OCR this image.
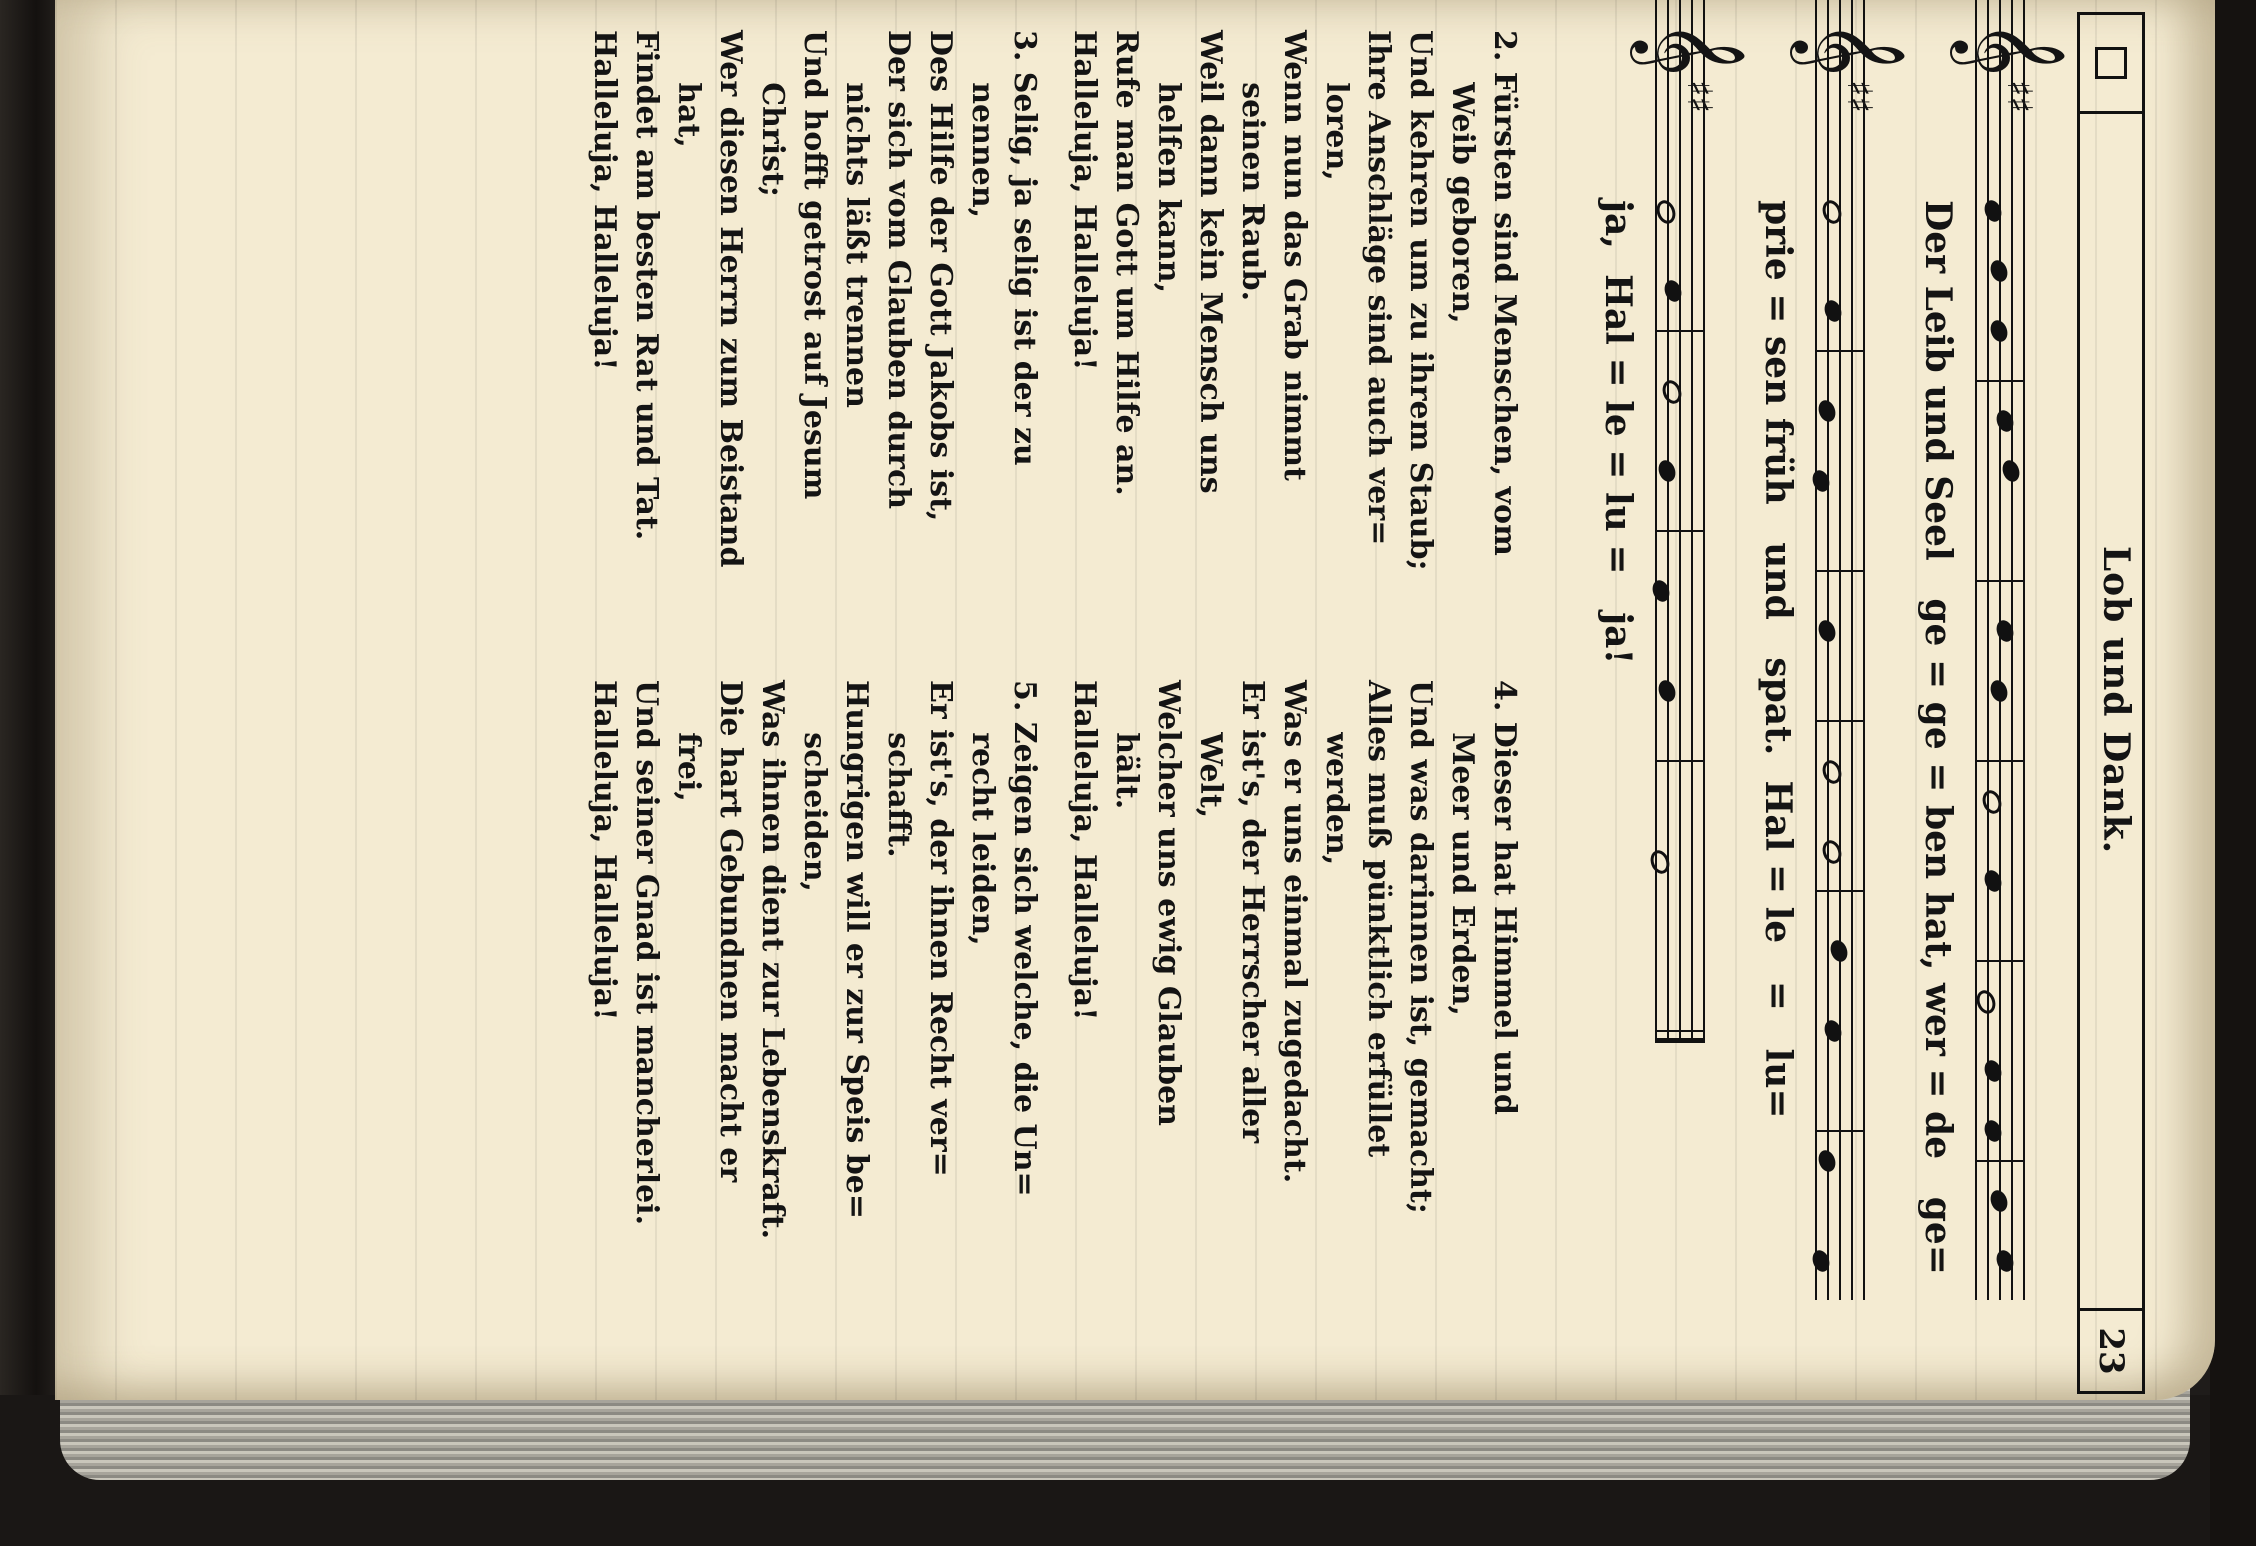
Lob und Dank.
23
𝄞
♯♯
Der Leib und Seel   ge = ge = ben hat, wer = de   ge=
𝄞
♯♯
prie = sen früh   und   spat.  Hal = le   =   lu=
𝄞
♯♯
ja,  Hal = le = lu =   ja!
2. Fürsten sind Menschen, vom
Weib geboren,
Und kehren um zu ihrem Staub;
Ihre Anschläge sind auch ver=
loren,
Wenn nun das Grab nimmt
seinen Raub.
Weil dann kein Mensch uns
helfen kann,
Rufe man Gott um Hilfe an.
Halleluja, Halleluja!
3. Selig, ja selig ist der zu
nennen,
Des Hilfe der Gott Jakobs ist,
Der sich vom Glauben durch
nichts läßt trennen
Und hofft getrost auf Jesum
Christ;
Wer diesen Herrn zum Beistand
hat,
Findet am besten Rat und Tat.
Halleluja, Halleluja!
4. Dieser hat Himmel und
Meer und Erden,
Und was darinnen ist, gemacht;
Alles muß pünktlich erfüllet
werden,
Was er uns einmal zugedacht.
Er ist's, der Herrscher aller
Welt,
Welcher uns ewig Glauben
hält.
Halleluja, Halleluja!
5. Zeigen sich welche, die Un=
recht leiden,
Er ist's, der ihnen Recht ver=
schafft.
Hungrigen will er zur Speis be=
scheiden,
Was ihnen dient zur Lebenskraft.
Die hart Gebundnen macht er
frei,
Und seiner Gnad ist mancherlei.
Halleluja, Halleluja!
